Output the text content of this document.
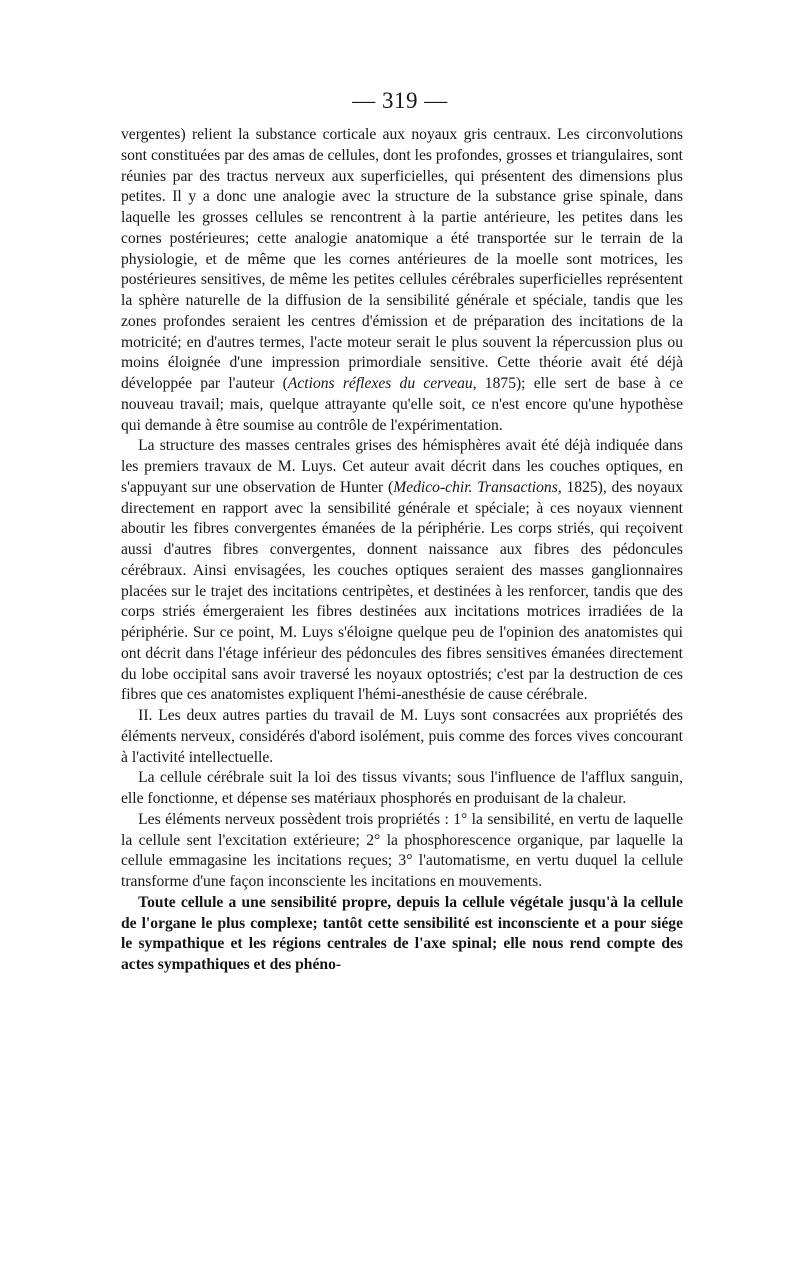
— 319 —

vergentes) relient la substance corticale aux noyaux gris centraux. Les circonvolutions sont constituées par des amas de cellules, dont les profondes, grosses et triangulaires, sont réunies par des tractus nerveux aux superficielles, qui présentent des dimensions plus petites. Il y a donc une analogie avec la structure de la substance grise spinale, dans laquelle les grosses cellules se rencontrent à la partie antérieure, les petites dans les cornes postérieures; cette analogie anatomique a été transportée sur le terrain de la physiologie, et de même que les cornes antérieures de la moelle sont motrices, les postérieures sensitives, de même les petites cellules cérébrales superficielles représentent la sphère naturelle de la diffusion de la sensibilité générale et spéciale, tandis que les zones profondes seraient les centres d'émission et de préparation des incitations de la motricité; en d'autres termes, l'acte moteur serait le plus souvent la répercussion plus ou moins éloignée d'une impression primordiale sensitive. Cette théorie avait été déjà développée par l'auteur (Actions réflexes du cerveau, 1875); elle sert de base à ce nouveau travail; mais, quelque attrayante qu'elle soit, ce n'est encore qu'une hypothèse qui demande à être soumise au contrôle de l'expérimentation.

La structure des masses centrales grises des hémisphères avait été déjà indiquée dans les premiers travaux de M. Luys. Cet auteur avait décrit dans les couches optiques, en s'appuyant sur une observation de Hunter (Medico-chir. Transactions, 1825), des noyaux directement en rapport avec la sensibilité générale et spéciale; à ces noyaux viennent aboutir les fibres convergentes émanées de la périphérie. Les corps striés, qui reçoivent aussi d'autres fibres convergentes, donnent naissance aux fibres des pédoncules cérébraux. Ainsi envisagées, les couches optiques seraient des masses ganglionnaires placées sur le trajet des incitations centripètes, et destinées à les renforcer, tandis que des corps striés émergeraient les fibres destinées aux incitations motrices irradiées de la périphérie. Sur ce point, M. Luys s'éloigne quelque peu de l'opinion des anatomistes qui ont décrit dans l'étage inférieur des pédoncules des fibres sensitives émanées directement du lobe occipital sans avoir traversé les noyaux optostriés; c'est par la destruction de ces fibres que ces anatomistes expliquent l'hémi-anesthésie de cause cérébrale.

II. Les deux autres parties du travail de M. Luys sont consacrées aux propriétés des éléments nerveux, considérés d'abord isolément, puis comme des forces vives concourant à l'activité intellectuelle.

La cellule cérébrale suit la loi des tissus vivants; sous l'influence de l'afflux sanguin, elle fonctionne, et dépense ses matériaux phosphorés en produisant de la chaleur.

Les éléments nerveux possèdent trois propriétés : 1° la sensibilité, en vertu de laquelle la cellule sent l'excitation extérieure; 2° la phosphorescence organique, par laquelle la cellule emmagasine les incitations reçues; 3° l'automatisme, en vertu duquel la cellule transforme d'une façon inconsciente les incitations en mouvements.

Toute cellule a une sensibilité propre, depuis la cellule végétale jusqu'à la cellule de l'organe le plus complexe; tantôt cette sensibilité est inconsciente et a pour siége le sympathique et les régions centrales de l'axe spinal; elle nous rend compte des actes sympathiques et des phéno-
